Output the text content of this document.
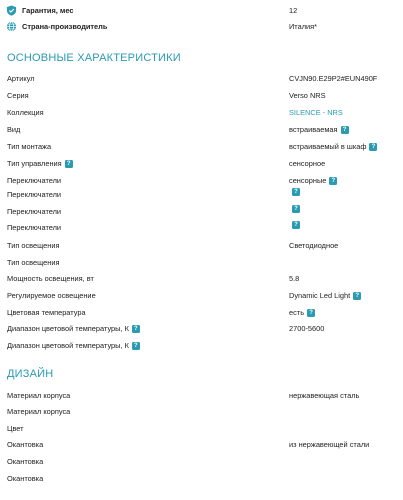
Гарантия, мес	12
Страна-производитель	Италия*
ОСНОВНЫЕ ХАРАКТЕРИСТИКИ
Артикул	CVJN90.E29P2#EUN490F
Серия	Verso NRS
Коллекция	SILENCE - NRS
Вид	встраиваемая ?
Тип монтажа	встраиваемый в шкаф ?
Тип управления ?	сенсорное
Переключатели	сенсорные ?
Переключатели	?
Переключатели	?
Переключатели	?
Тип освещения	Светодиодное
Тип освещения
Мощность освещения, вт	5.8
Регулируемое освещение	Dynamic Led Light ?
Цветовая температура	есть ?
Диапазон цветовой температуры, К ?	2700-5600
Диапазон цветовой температуры, К ?
ДИЗАЙН
Материал корпуса	нержавеющая сталь
Материал корпуса
Цвет
Окантовка	из нержавеющей стали
Окантовка
Окантовка
